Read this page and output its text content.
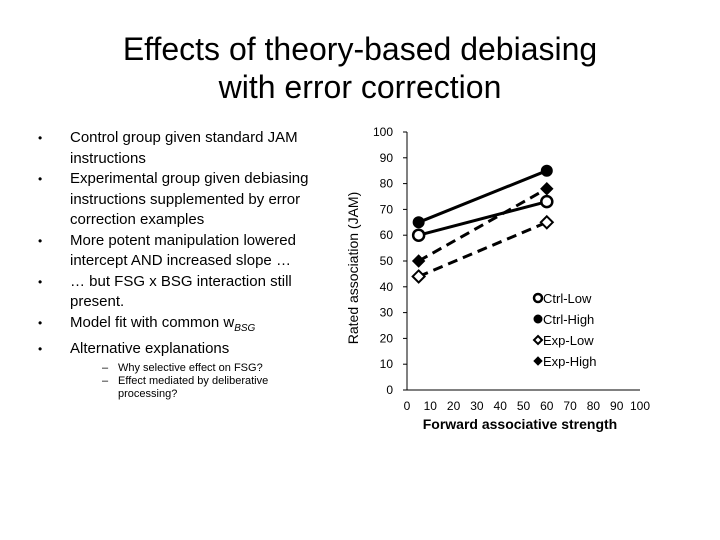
Effects of theory-based debiasing
with error correction
• Control group given standard JAM instructions
• Experimental group given debiasing instructions supplemented by error correction examples
• More potent manipulation lowered intercept AND increased slope …
• … but FSG x BSG interaction still present.
• Model fit with common $w_{BSG}$
• Alternative explanations
– Why selective effect on FSG?
– Effect mediated by deliberative processing?	0
10
20
30
40
50
60
70
80
90
100
0 10 20 30 40 50 60 70 80 90 100
Ctrl-Low
Ctrl-High
Exp-Low
Exp-High
Forward associative strength
Rated association (JAM)
